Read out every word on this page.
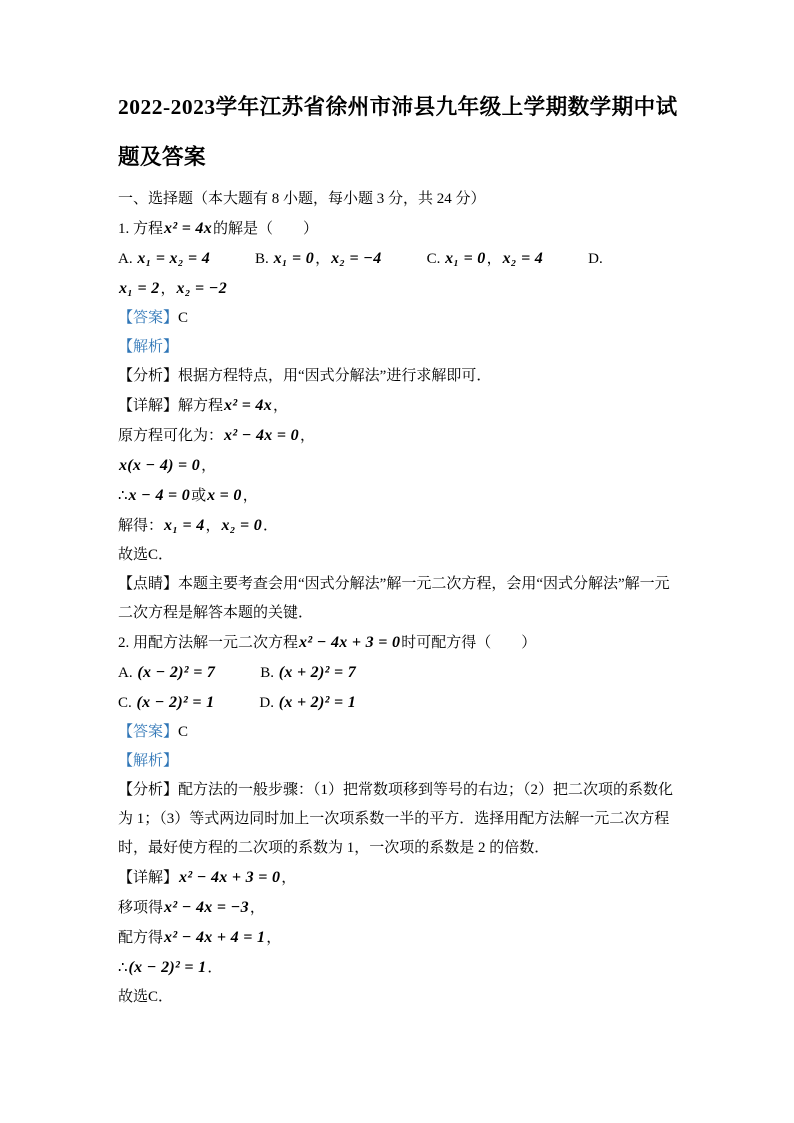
2022-2023学年江苏省徐州市沛县九年级上学期数学期中试题及答案
一、选择题（本大题有 8 小题，每小题 3 分，共 24 分）
1. 方程x² = 4x的解是（　　）
A. x₁ = x₂ = 4	B. x₁ = 0，x₂ = −4	C. x₁ = 0，x₂ = 4	D.
x₁ = 2，x₂ = −2
【答案】C
【解析】
【分析】根据方程特点，用“因式分解法”进行求解即可．
【详解】解方程x² = 4x，
原方程可化为：x² − 4x = 0，
x(x − 4) = 0，
∴x − 4 = 0或x = 0，
解得：x₁ = 4，x₂ = 0．
故选C．
【点睛】本题主要考查会用“因式分解法”解一元二次方程，会用“因式分解法”解一元二次方程是解答本题的关键．
2. 用配方法解一元二次方程x² − 4x + 3 = 0时可配方得（　　）
A. (x − 2)² = 7	B. (x + 2)² = 7
C. (x − 2)² = 1	D. (x + 2)² = 1
【答案】C
【解析】
【分析】配方法的一般步骤：（1）把常数项移到等号的右边；（2）把二次项的系数化为 1；（3）等式两边同时加上一次项系数一半的平方．选择用配方法解一元二次方程时，最好使方程的二次项的系数为 1，一次项的系数是 2 的倍数．
【详解】x² − 4x + 3 = 0，
移项得x² − 4x = −3，
配方得x² − 4x + 4 = 1，
∴(x − 2)² = 1．
故选C．
